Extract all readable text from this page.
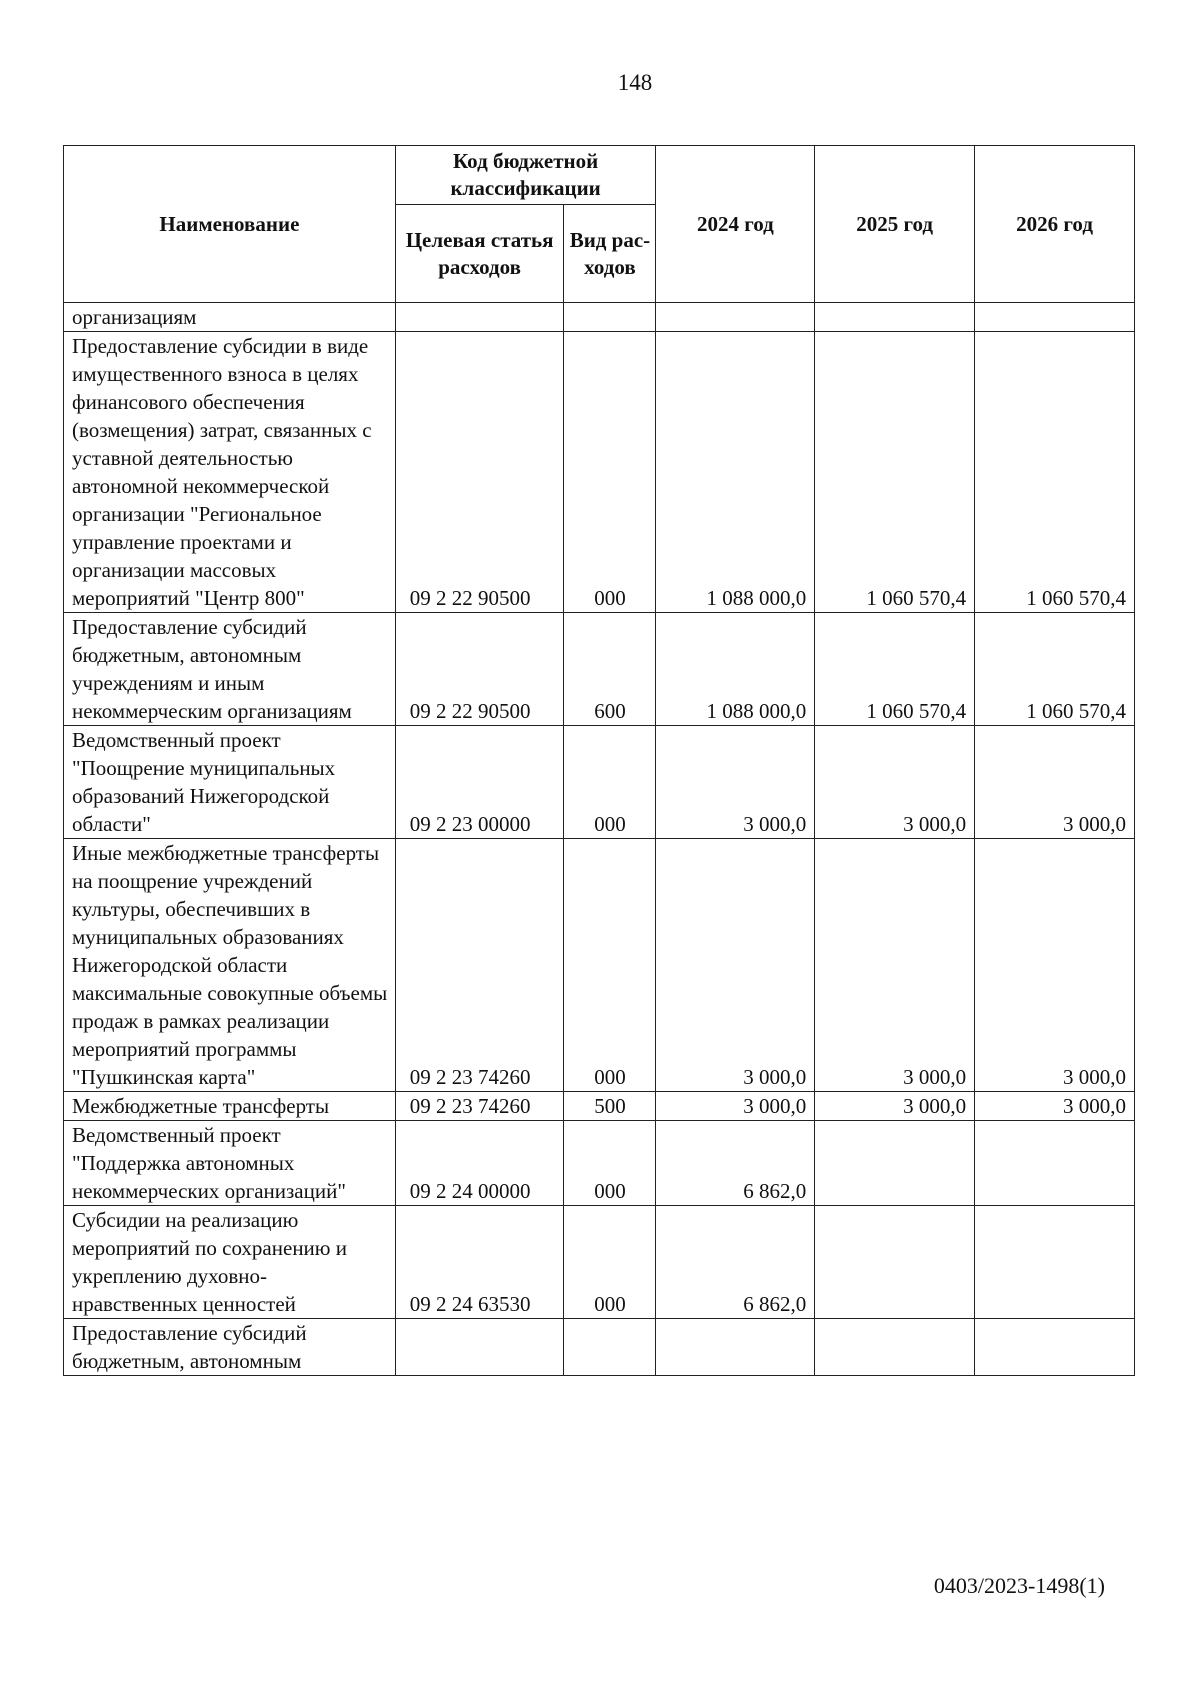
148
Наименование	Код бюджетной классификации		2024 год	2025 год	2026 год
	Целевая статья расходов	Вид рас-ходов			
организациям					
Предоставление субсидии в виде имущественного взноса в целях финансового обеспечения (возмещения) затрат, связанных с уставной деятельностью автономной некоммерческой организации "Региональное управление проектами и организации массовых мероприятий "Центр 800"	09 2 22 90500	000	1 088 000,0	1 060 570,4	1 060 570,4
Предоставление субсидий бюджетным, автономным учреждениям и иным некоммерческим организациям	09 2 22 90500	600	1 088 000,0	1 060 570,4	1 060 570,4
Ведомственный проект "Поощрение муниципальных образований Нижегородской области"	09 2 23 00000	000	3 000,0	3 000,0	3 000,0
Иные межбюджетные трансферты на поощрение учреждений культуры, обеспечивших в муниципальных образованиях Нижегородской области максимальные совокупные объемы продаж в рамках реализации мероприятий программы "Пушкинская карта"	09 2 23 74260	000	3 000,0	3 000,0	3 000,0
Межбюджетные трансферты	09 2 23 74260	500	3 000,0	3 000,0	3 000,0
Ведомственный проект "Поддержка автономных некоммерческих организаций"	09 2 24 00000	000	6 862,0		
Субсидии на реализацию мероприятий по сохранению и укреплению духовно-нравственных ценностей	09 2 24 63530	000	6 862,0		
Предоставление субсидий бюджетным, автономным					
0403/2023-1498(1)
